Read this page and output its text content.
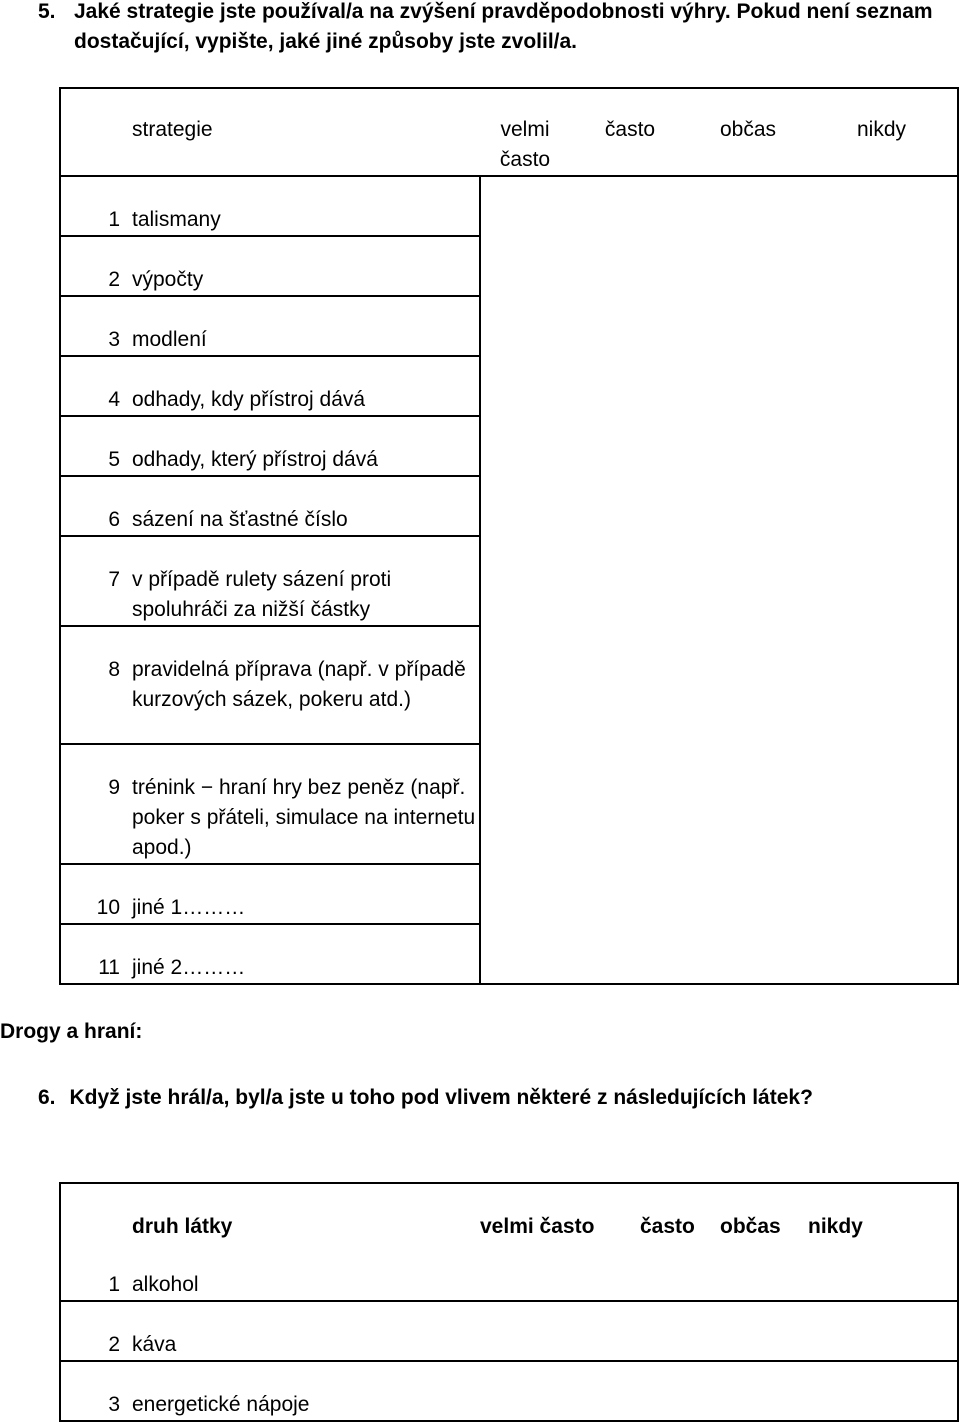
5. Jaké strategie jste používal/a na zvýšení pravděpodobnosti výhry. Pokud není seznam dostačující, vypište, jaké jiné způsoby jste zvolil/a.

	strategie	velmi často	často	občas	nikdy

1	talismany				

2	výpočty				

3	modlení				

4	odhady, kdy přístroj dává				

5	odhady, který přístroj dává				

6	sázení na šťastné číslo				

7	v případě rulety sázení proti spoluhráči za nižší částky				

8	pravidelná příprava (např. v případě kurzových sázek, pokeru atd.)				

9	trénink − hraní hry bez peněz (např. poker s přáteli, simulace na internetu apod.)				

10	jiné 1………				

11	jiné 2………				

Drogy a hraní:
6. Když jste hrál/a, byl/a jste u toho pod vlivem některé z následujících látek?

	druh látky	velmi často	často	občas	nikdy

1	alkohol				

2	káva				

3	energetické nápoje				
